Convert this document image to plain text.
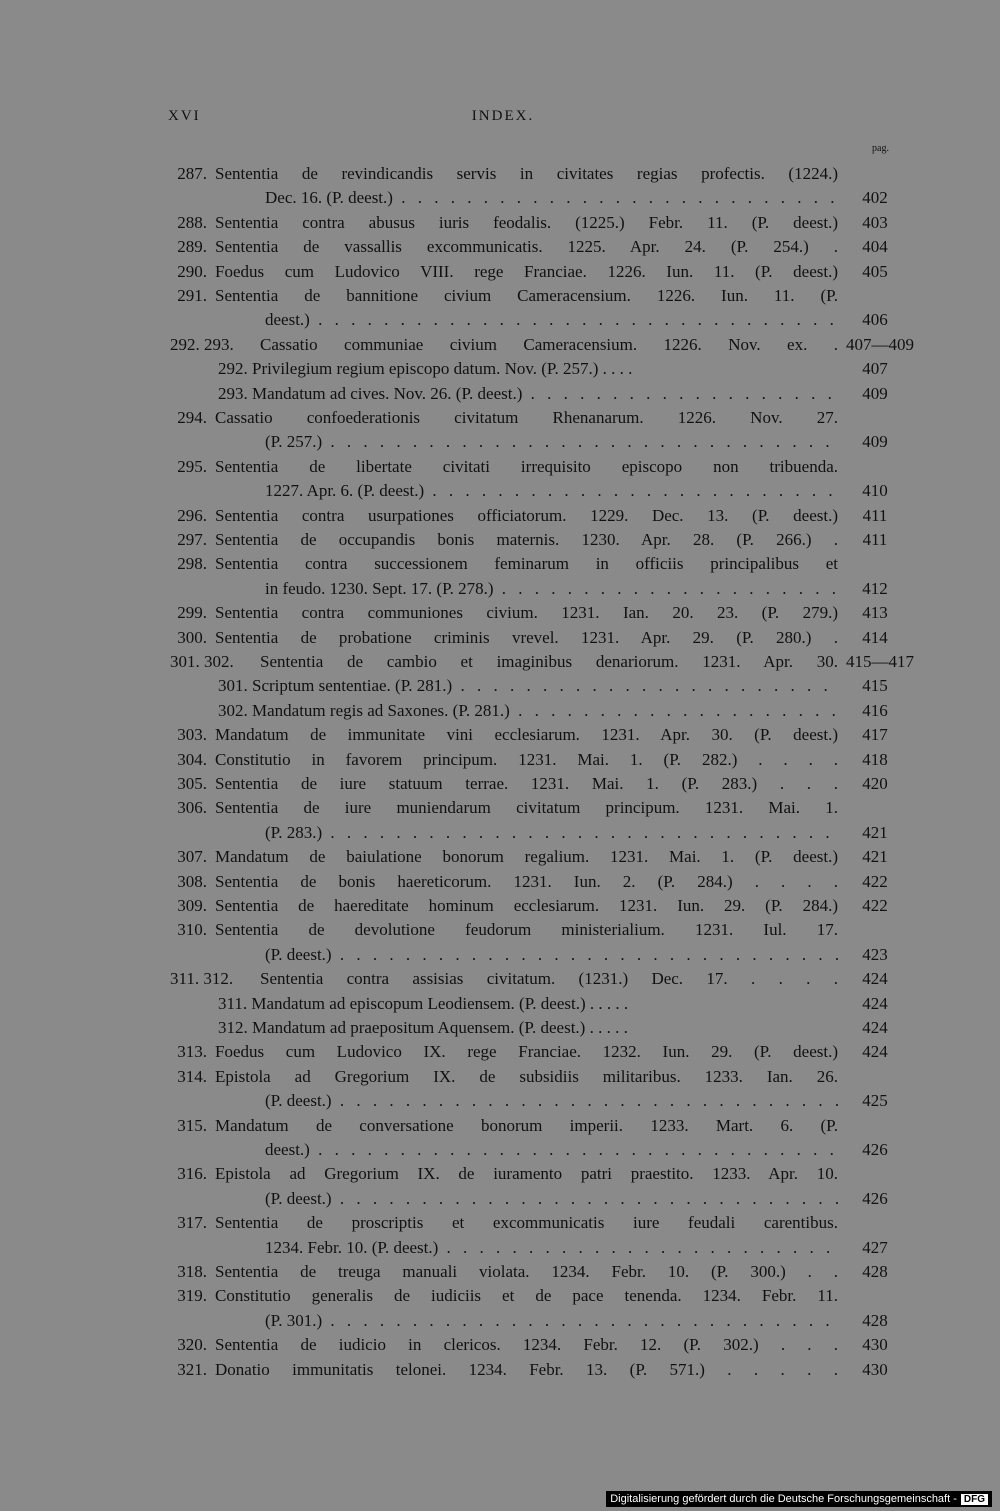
XVI	INDEX.
pag.
287. Sententia de revindicandis servis in civitates regias profectis. (1224.)
Dec. 16. (P. deest.) . . .	402
288. Sententia contra abusus iuris feodalis. (1225.) Febr. 11. (P. deest.)	403
289. Sententia de vassallis excommunicatis. 1225. Apr. 24. (P. 254.) .	404
290. Foedus cum Ludovico VIII. rege Franciae. 1226. Iun. 11. (P. deest.)	405
291. Sententia de bannitione civium Cameracensium. 1226. Iun. 11. (P.
deest.) . . .	406
292. 293.	Cassatio communiae civium Cameracensium. 1226. Nov. ex. . 407—409
292. Privilegium regium episcopo datum. Nov. (P. 257.) . . . .	407
293. Mandatum ad cives. Nov. 26. (P. deest.) . . .	409
294. Cassatio confoederationis civitatum Rhenanarum. 1226. Nov. 27.
(P. 257.) . . .	409
295. Sententia de libertate civitati irrequisito episcopo non tribuenda.
1227. Apr. 6. (P. deest.) . . .	410
296. Sententia contra usurpationes officiatorum. 1229. Dec. 13. (P. deest.)	411
297. Sententia de occupandis bonis maternis. 1230. Apr. 28. (P. 266.) .	411
298. Sententia contra successionem feminarum in officiis principalibus et
in feudo. 1230. Sept. 17. (P. 278.) . . .	412
299. Sententia contra communiones civium. 1231. Ian. 20. 23. (P. 279.)	413
300. Sententia de probatione criminis vrevel. 1231. Apr. 29. (P. 280.) .	414
301. 302.	Sententia de cambio et imaginibus denariorum. 1231. Apr. 30. 415—417
301. Scriptum sententiae. (P. 281.) . . .	415
302. Mandatum regis ad Saxones. (P. 281.) . . .	416
303. Mandatum de immunitate vini ecclesiarum. 1231. Apr. 30. (P. deest.)	417
304. Constitutio in favorem principum. 1231. Mai. 1. (P. 282.) . . . .	418
305. Sententia de iure statuum terrae. 1231. Mai. 1. (P. 283.) . . .	420
306. Sententia de iure muniendarum civitatum principum. 1231. Mai. 1.
(P. 283.) . . .	421
307. Mandatum de baiulatione bonorum regalium. 1231. Mai. 1. (P. deest.)	421
308. Sententia de bonis haereticorum. 1231. Iun. 2. (P. 284.) . . . .	422
309. Sententia de haereditate hominum ecclesiarum. 1231. Iun. 29. (P. 284.)	422
310. Sententia de devolutione feudorum ministerialium. 1231. Iul. 17.
(P. deest.) . . .	423
311. 312.	Sententia contra assisias civitatum. (1231.) Dec. 17. . . . .	424
311. Mandatum ad episcopum Leodiensem. (P. deest.) . . . . .	424
312. Mandatum ad praepositum Aquensem. (P. deest.) . . . . .	424
313. Foedus cum Ludovico IX. rege Franciae. 1232. Iun. 29. (P. deest.)	424
314. Epistola ad Gregorium IX. de subsidiis militaribus. 1233. Ian. 26.
(P. deest.) . . .	425
315. Mandatum de conversatione bonorum imperii. 1233. Mart. 6. (P.
deest.) . . .	426
316. Epistola ad Gregorium IX. de iuramento patri praestito. 1233. Apr. 10.
(P. deest.) . . .	426
317. Sententia de proscriptis et excommunicatis iure feudali carentibus.
1234. Febr. 10. (P. deest.) . . .	427
318. Sententia de treuga manuali violata. 1234. Febr. 10. (P. 300.) . .	428
319. Constitutio generalis de iudiciis et de pace tenenda. 1234. Febr. 11.
(P. 301.) . . .	428
320. Sententia de iudicio in clericos. 1234. Febr. 12. (P. 302.) . . .	430
321. Donatio immunitatis telonei. 1234. Febr. 13. (P. 571.) . . . . .	430
Digitalisierung gefördert durch die Deutsche Forschungsgemeinschaft - DFG
